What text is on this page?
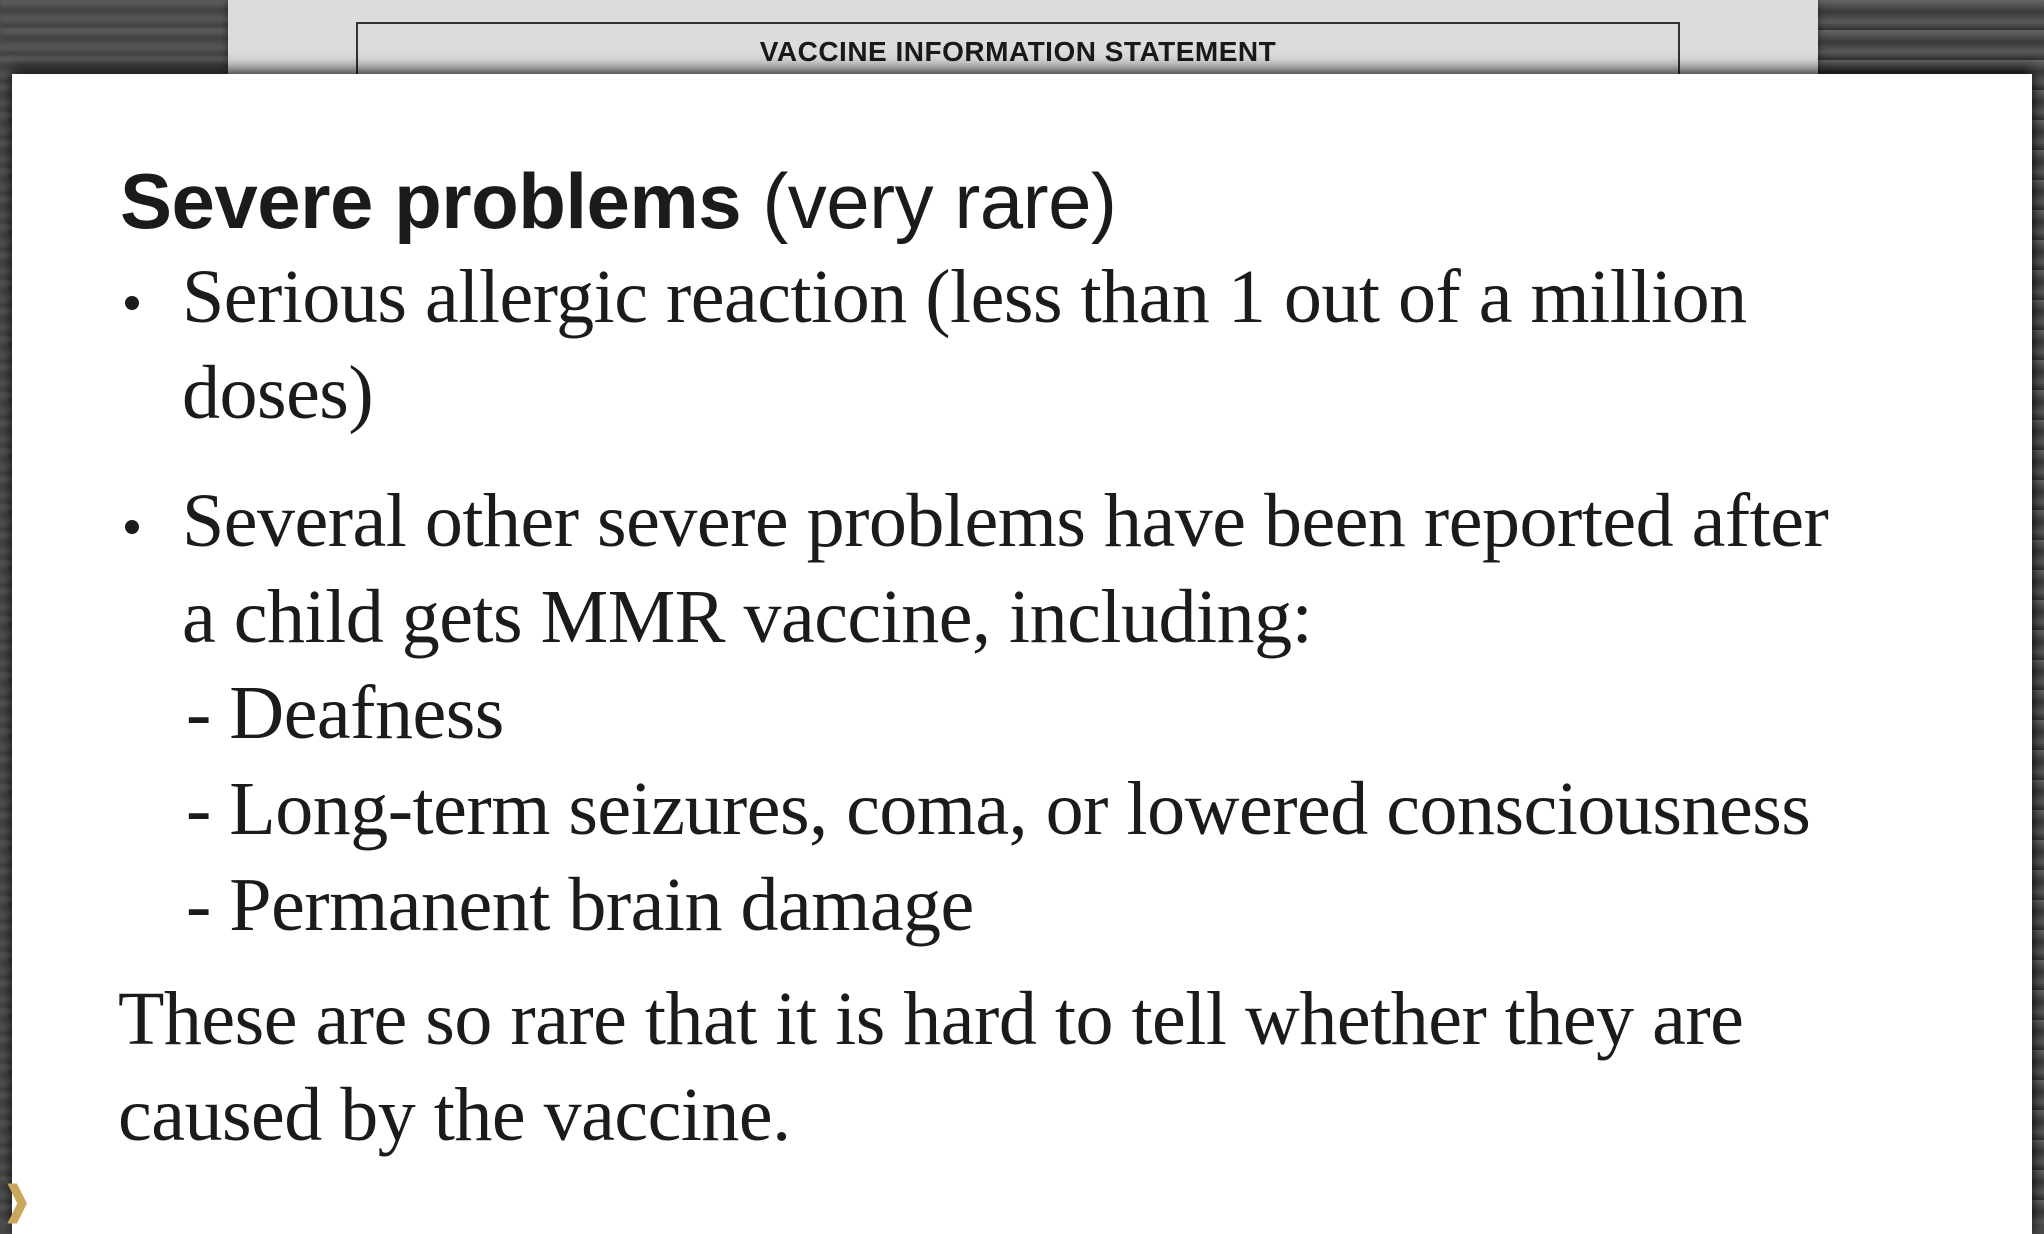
VACCINE INFORMATION STATEMENT
Severe problems (very rare)
Serious allergic reaction (less than 1 out of a million
doses)
Several other severe problems have been reported after
a child gets MMR vaccine, including:
- Deafness
- Long-term seizures, coma, or lowered consciousness
- Permanent brain damage
These are so rare that it is hard to tell whether they are
caused by the vaccine.
❱
